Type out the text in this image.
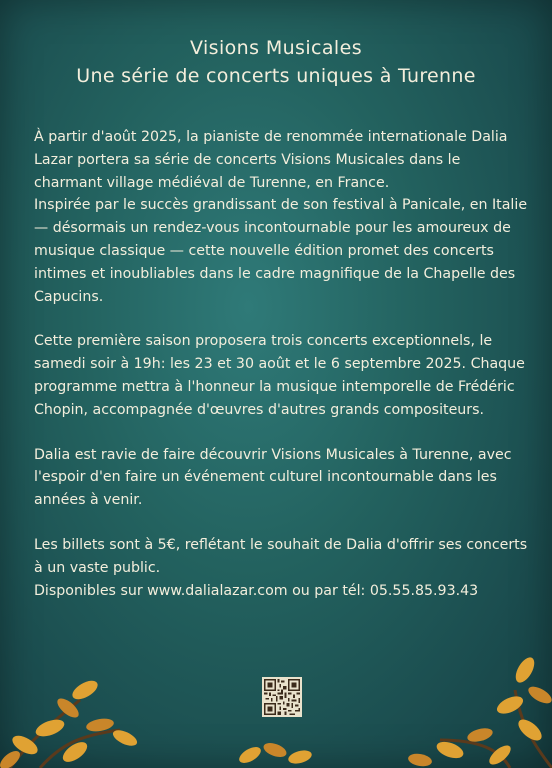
Visions Musicales

Une série de concerts uniques à Turenne

À partir d'août 2025, la pianiste de renommée internationale Dalia Lazar portera sa série de concerts Visions Musicales dans le charmant village médiéval de Turenne, en France.

Inspirée par le succès grandissant de son festival à Panicale, en Italie — désormais un rendez-vous incontournable pour les amoureux de musique classique — cette nouvelle édition promet des concerts intimes et inoubliables dans le cadre magnifique de la Chapelle des Capucins.

Cette première saison proposera trois concerts exceptionnels, le samedi soir à 19h: les 23 et 30 août et le 6 septembre 2025. Chaque programme mettra à l'honneur la musique intemporelle de Frédéric Chopin, accompagnée d'œuvres d'autres grands compositeurs.

Dalia est ravie de faire découvrir Visions Musicales à Turenne, avec l'espoir d'en faire un événement culturel incontournable dans les années à venir.

Les billets sont à 5€, reflétant le souhait de Dalia d'offrir ses concerts à un vaste public.

Disponibles sur www.dalialazar.com ou par tél: 05.55.85.93.43
